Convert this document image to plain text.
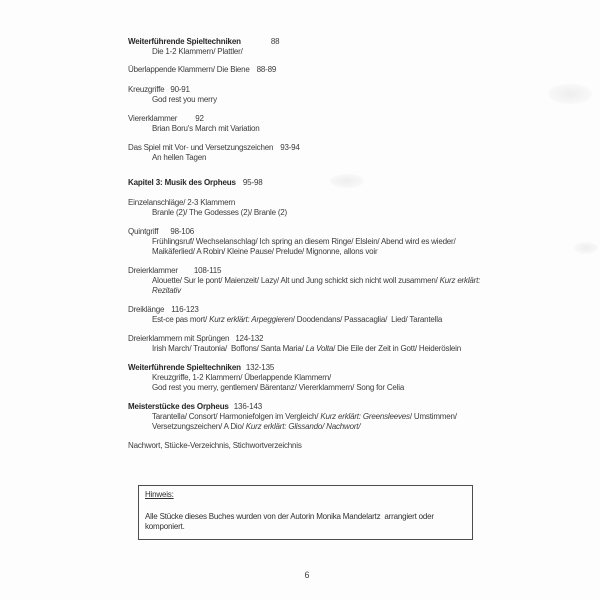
Weiterführende Spieltechniken	88
Die 1-2 Klammern/ Plattler/
Überlappende Klammern/ Die Biene 88-89
Kreuzgriffe 90-91
God rest you merry
Viererklammer 92
Brian Boru's March mit Variation
Das Spiel mit Vor- und Versetzungszeichen 93-94
An hellen Tagen
Kapitel 3: Musik des Orpheus 95-98
Einzelanschläge/ 2-3 Klammern
Branle (2)/ The Godesses (2)/ Branle (2)
Quintgriff 98-106
Frühlingsruf/ Wechselanschlag/ Ich spring an diesem Ringe/ Elslein/ Abend wird es wieder/
Maikäferlied/ A Robin/ Kleine Pause/ Prelude/ Mignonne, allons voir
Dreierklammer 108-115
Alouette/ Sur le pont/ Maienzeit/ Lazy/ Alt und Jung schickt sich nicht woll zusammen/ Kurz erklärt:
Rezitativ
Dreiklänge 116-123
Est-ce pas mort/ Kurz erklärt: Arpeggieren/ Doodendans/ Passacaglia/  Lied/ Tarantella
Dreierklammern mit Sprüngen 124-132
Irish March/ Trautonia/  Boffons/ Santa Maria/ La Volta/ Die Eile der Zeit in Gott/ Heideröslein
Weiterführende Spieltechniken 132-135
Kreuzgriffe, 1-2 Klammern/ Überlappende Klammern/
God rest you merry, gentlemen/ Bärentanz/ Viererklammern/ Song for Celia
Meisterstücke des Orpheus 136-143
Tarantella/ Consort/ Harmoniefolgen im Vergleich/ Kurz erklärt: Greensleeves/ Umstimmen/
Versetzungszeichen/ A Dio/ Kurz erklärt: Glissando/ Nachwort/
Nachwort, Stücke-Verzeichnis, Stichwortverzeichnis
Hinweis:
Alle Stücke dieses Buches wurden von der Autorin Monika Mandelartz  arrangiert oder komponiert.
6
